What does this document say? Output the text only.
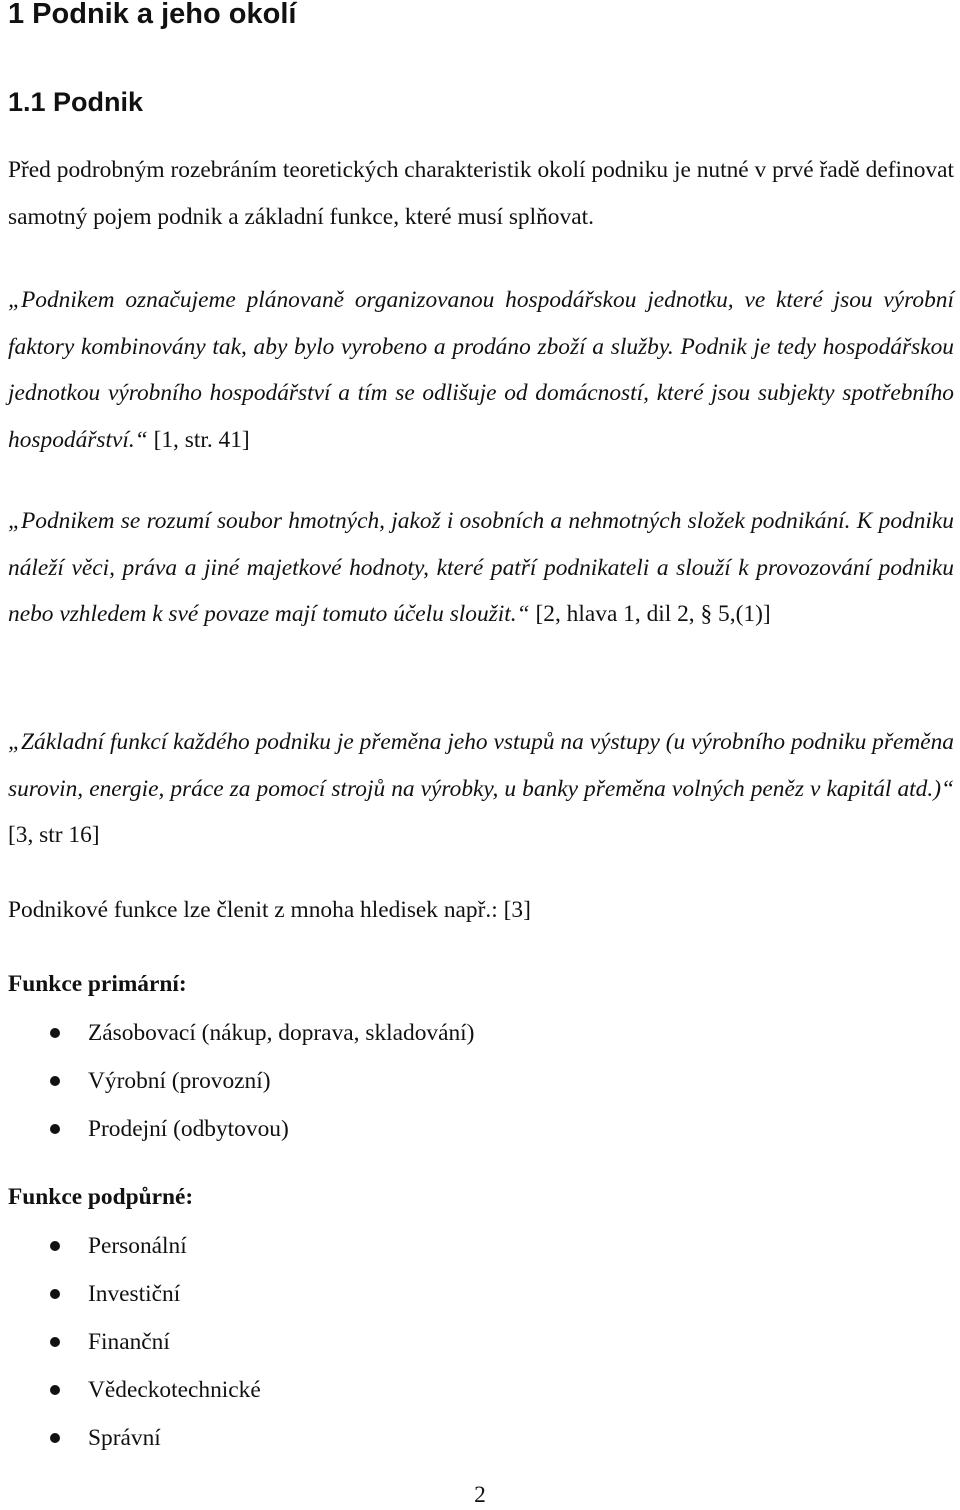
1 Podnik a jeho okolí
1.1 Podnik

Před podrobným rozebráním teoretických charakteristik okolí podniku je nutné v prvé řadě definovat samotný pojem podnik a základní funkce, které musí splňovat.

„Podnikem označujeme plánovaně organizovanou hospodářskou jednotku, ve které jsou výrobní faktory kombinovány tak, aby bylo vyrobeno a prodáno zboží a služby. Podnik je tedy hospodářskou jednotkou výrobního hospodářství a tím se odlišuje od domácností, které jsou subjekty spotřebního hospodářství.“ [1, str. 41]

„Podnikem se rozumí soubor hmotných, jakož i osobních a nehmotných složek podnikání. K podniku náleží věci, práva a jiné majetkové hodnoty, které patří podnikateli a slouží k provozování podniku nebo vzhledem k své povaze mají tomuto účelu sloužit.“ [2, hlava 1, dil 2, § 5,(1)]

„Základní funkcí každého podniku je přeměna jeho vstupů na výstupy (u výrobního podniku přeměna surovin, energie, práce za pomocí strojů na výrobky, u banky přeměna volných peněz v kapitál atd.)“ [3, str 16]

Podnikové funkce lze členit z mnoha hledisek např.: [3]

Funkce primární:

Zásobovací (nákup, doprava, skladování)
Výrobní (provozní)
Prodejní (odbytovou)

Funkce podpůrné:

Personální
Investiční
Finanční
Vědeckotechnické
Správní
2
